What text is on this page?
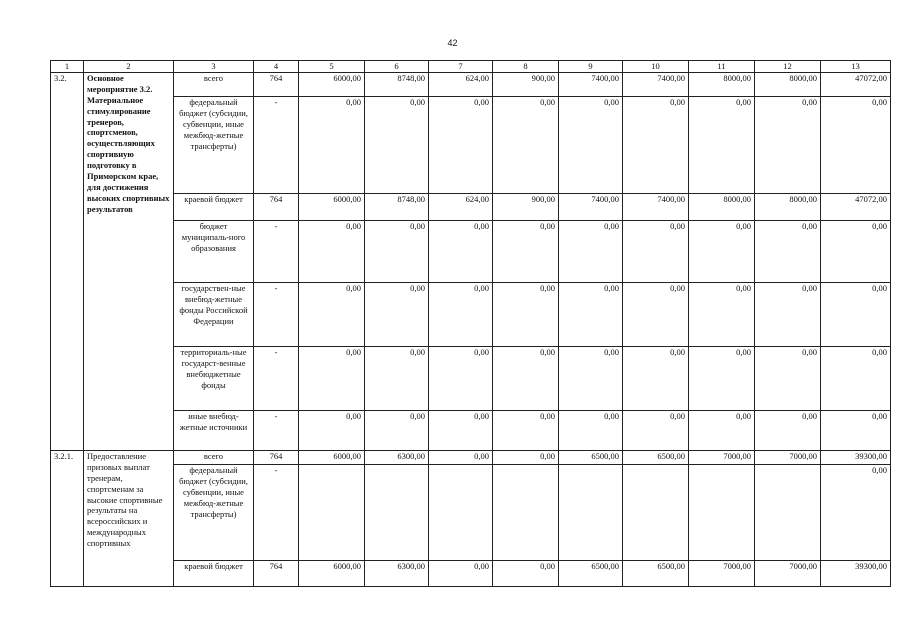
42
1	2	3	4	5	6	7	8	9	10	11	12	13
3.2.	Основное мероприятие 3.2. Материальное стимулирование тренеров, спортсменов, осуществляющих спортивную подготовку в Приморском крае, для достижения высоких спортивных результатов	всего	764	6000,00	8748,00	624,00	900,00	7400,00	7400,00	8000,00	8000,00	47072,00
		федеральный бюджет (субсидии, субвенции, иные межбюд-жетные трансферты)	-	0,00	0,00	0,00	0,00	0,00	0,00	0,00	0,00	0,00
		краевой бюджет	764	6000,00	8748,00	624,00	900,00	7400,00	7400,00	8000,00	8000,00	47072,00
		бюджет муниципаль-ного образования	-	0,00	0,00	0,00	0,00	0,00	0,00	0,00	0,00	0,00
		государствен-ные внебюд-жетные фонды Российской Федерации	-	0,00	0,00	0,00	0,00	0,00	0,00	0,00	0,00	0,00
		территориаль-ные государст-венные внебюджетные фонды	-	0,00	0,00	0,00	0,00	0,00	0,00	0,00	0,00	0,00
		иные внебюд-жетные источники	-	0,00	0,00	0,00	0,00	0,00	0,00	0,00	0,00	0,00
3.2.1.	Предоставление призовых выплат тренерам, спортсменам за высокие спортивные результаты на всероссийских и международных спортивных	всего	764	6000,00	6300,00	0,00	0,00	6500,00	6500,00	7000,00	7000,00	39300,00
		федеральный бюджет (субсидии, субвенции, иные межбюд-жетные трансферты)	-									0,00
		краевой бюджет	764	6000,00	6300,00	0,00	0,00	6500,00	6500,00	7000,00	7000,00	39300,00
